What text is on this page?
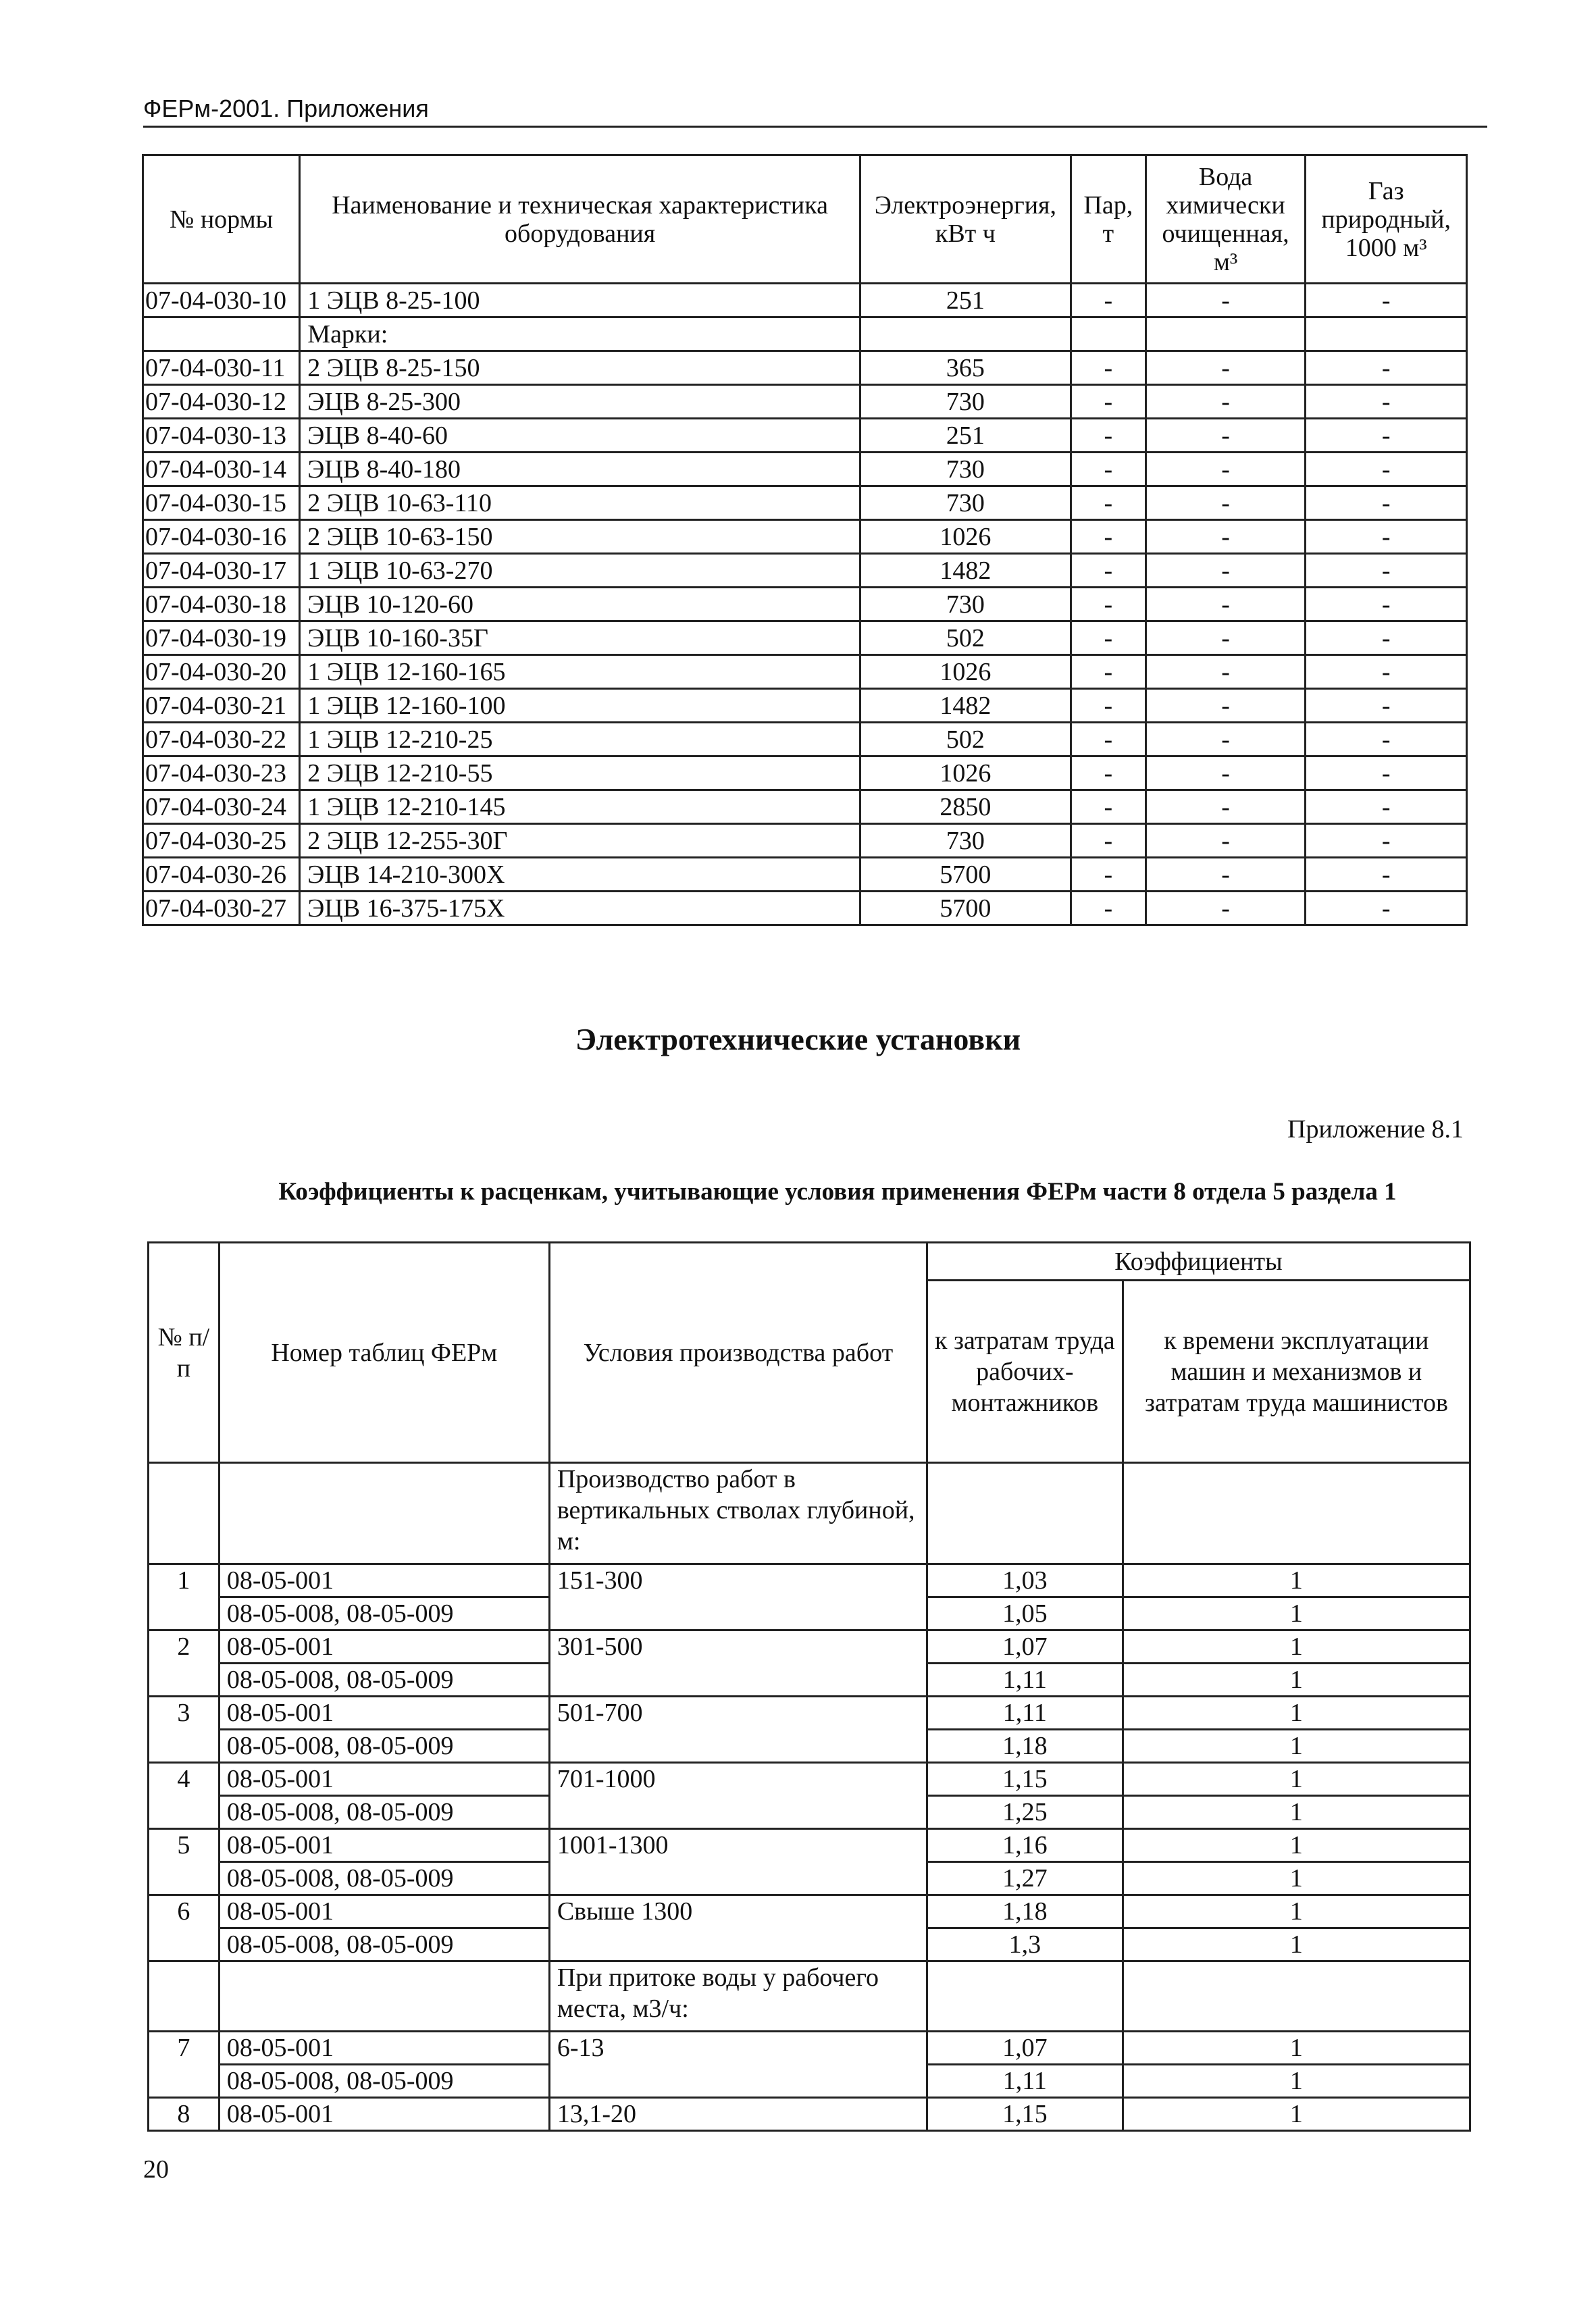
ФЕРм-2001. Приложения
№ нормы	Наименование и техническая характеристика оборудования	Электроэнергия, кВт ч	Пар, т	Вода химически очищенная, м³	Газ природный, 1000 м³
07-04-030-10	1 ЭЦВ 8-25-100	251	-	-	-
	Марки:				
07-04-030-11	2 ЭЦВ 8-25-150	365	-	-	-
07-04-030-12	ЭЦВ 8-25-300	730	-	-	-
07-04-030-13	ЭЦВ 8-40-60	251	-	-	-
07-04-030-14	ЭЦВ 8-40-180	730	-	-	-
07-04-030-15	2 ЭЦВ 10-63-110	730	-	-	-
07-04-030-16	2 ЭЦВ 10-63-150	1026	-	-	-
07-04-030-17	1 ЭЦВ 10-63-270	1482	-	-	-
07-04-030-18	ЭЦВ 10-120-60	730	-	-	-
07-04-030-19	ЭЦВ 10-160-35Г	502	-	-	-
07-04-030-20	1 ЭЦВ 12-160-165	1026	-	-	-
07-04-030-21	1 ЭЦВ 12-160-100	1482	-	-	-
07-04-030-22	1 ЭЦВ 12-210-25	502	-	-	-
07-04-030-23	2 ЭЦВ 12-210-55	1026	-	-	-
07-04-030-24	1 ЭЦВ 12-210-145	2850	-	-	-
07-04-030-25	2 ЭЦВ 12-255-30Г	730	-	-	-
07-04-030-26	ЭЦВ 14-210-300Х	5700	-	-	-
07-04-030-27	ЭЦВ 16-375-175Х	5700	-	-	-
Электротехнические установки
Приложение 8.1
Коэффициенты к расценкам, учитывающие условия применения ФЕРм части 8 отдела 5 раздела 1
№ п/п	Номер таблиц ФЕРм	Условия производства работ	Коэффициенты	
			к затратам труда рабочих-монтажников	к времени эксплуатации машин и механизмов и затратам труда машинистов
		Производство работ в вертикальных стволах глубиной, м:		
1	08-05-001	151-300	1,03	1
	08-05-008, 08-05-009		1,05	1
2	08-05-001	301-500	1,07	1
	08-05-008, 08-05-009		1,11	1
3	08-05-001	501-700	1,11	1
	08-05-008, 08-05-009		1,18	1
4	08-05-001	701-1000	1,15	1
	08-05-008, 08-05-009		1,25	1
5	08-05-001	1001-1300	1,16	1
	08-05-008, 08-05-009		1,27	1
6	08-05-001	Свыше 1300	1,18	1
	08-05-008, 08-05-009		1,3	1
		При притоке воды у рабочего места, м3/ч:		
7	08-05-001	6-13	1,07	1
	08-05-008, 08-05-009		1,11	1
8	08-05-001	13,1-20	1,15	1
20
